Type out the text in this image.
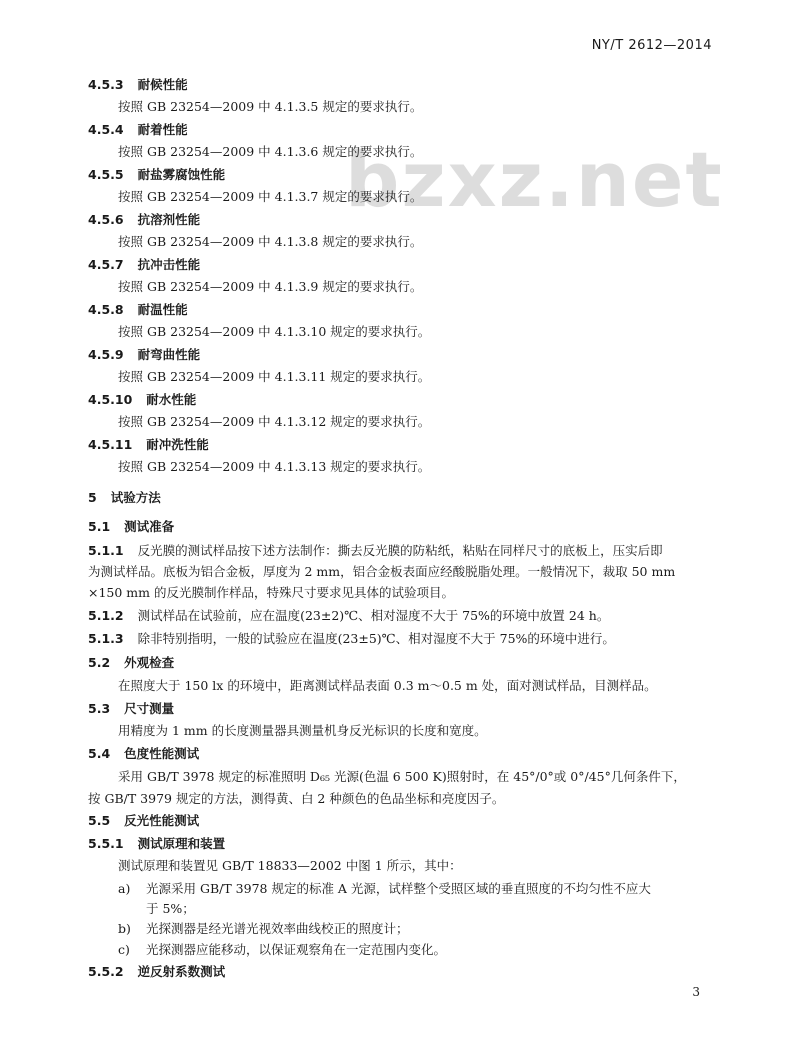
NY/T 2612—2014
bzxz.net
4.5.3 耐候性能
按照 GB 23254—2009 中 4.1.3.5 规定的要求执行。
4.5.4 耐着性能
按照 GB 23254—2009 中 4.1.3.6 规定的要求执行。
4.5.5 耐盐雾腐蚀性能
按照 GB 23254—2009 中 4.1.3.7 规定的要求执行。
4.5.6 抗溶剂性能
按照 GB 23254—2009 中 4.1.3.8 规定的要求执行。
4.5.7 抗冲击性能
按照 GB 23254—2009 中 4.1.3.9 规定的要求执行。
4.5.8 耐温性能
按照 GB 23254—2009 中 4.1.3.10 规定的要求执行。
4.5.9 耐弯曲性能
按照 GB 23254—2009 中 4.1.3.11 规定的要求执行。
4.5.10 耐水性能
按照 GB 23254—2009 中 4.1.3.12 规定的要求执行。
4.5.11 耐冲洗性能
按照 GB 23254—2009 中 4.1.3.13 规定的要求执行。
5 试验方法
5.1 测试准备
5.1.1 反光膜的测试样品按下述方法制作：撕去反光膜的防粘纸，粘贴在同样尺寸的底板上，压实后即
为测试样品。底板为铝合金板，厚度为 2 mm，铝合金板表面应经酸脱脂处理。一般情况下，裁取 50 mm
×150 mm 的反光膜制作样品，特殊尺寸要求见具体的试验项目。
5.1.2 测试样品在试验前，应在温度(23±2)℃、相对湿度不大于 75%的环境中放置 24 h。
5.1.3 除非特别指明，一般的试验应在温度(23±5)℃、相对湿度不大于 75%的环境中进行。
5.2 外观检查
在照度大于 150 lx 的环境中，距离测试样品表面 0.3 m～0.5 m 处，面对测试样品，目测样品。
5.3 尺寸测量
用精度为 1 mm 的长度测量器具测量机身反光标识的长度和宽度。
5.4 色度性能测试
采用 GB/T 3978 规定的标准照明 D₆₅ 光源(色温 6 500 K)照射时，在 45°/0°或 0°/45°几何条件下，
按 GB/T 3979 规定的方法，测得黄、白 2 种颜色的色品坐标和亮度因子。
5.5 反光性能测试
5.5.1 测试原理和装置
测试原理和装置见 GB/T 18833—2002 中图 1 所示，其中：
a) 光源采用 GB/T 3978 规定的标准 A 光源，试样整个受照区域的垂直照度的不均匀性不应大
于 5%；
b) 光探测器是经光谱光视效率曲线校正的照度计；
c) 光探测器应能移动，以保证观察角在一定范围内变化。
5.5.2 逆反射系数测试
3
